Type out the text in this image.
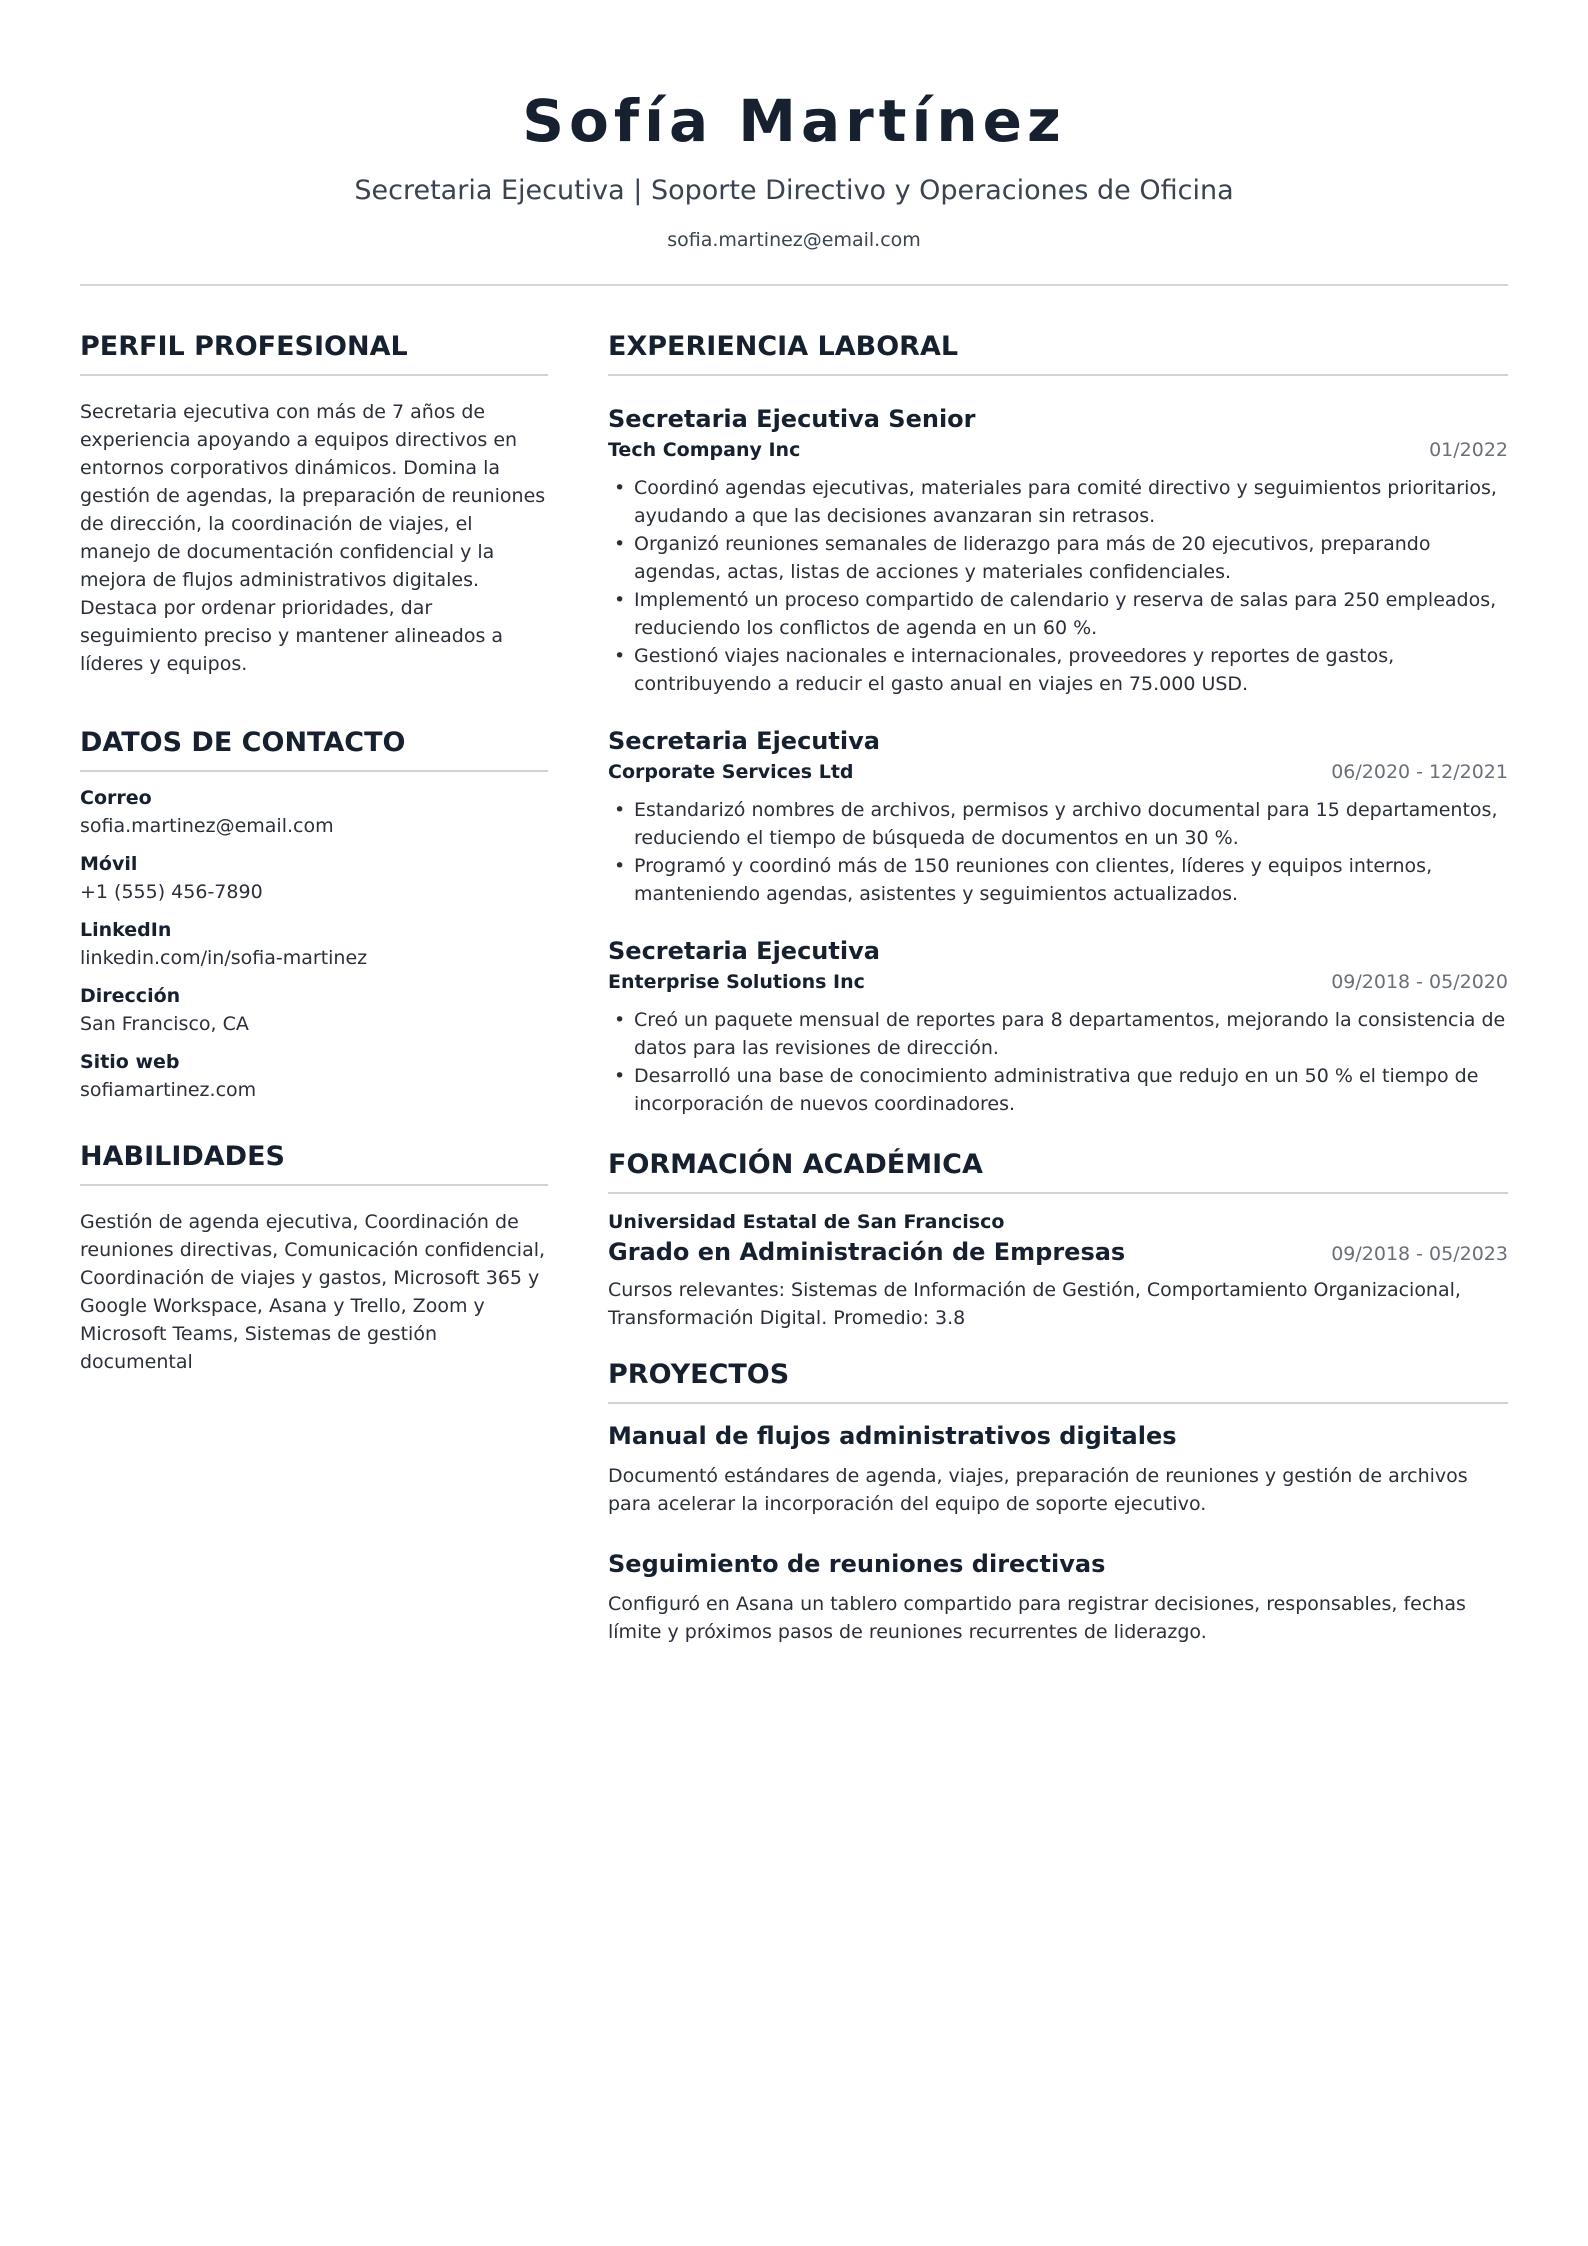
Sofía Martínez
Secretaria Ejecutiva | Soporte Directivo y Operaciones de Oficina
sofia.martinez@email.com
PERFIL PROFESIONAL
Secretaria ejecutiva con más de 7 años de experiencia apoyando a equipos directivos en entornos corporativos dinámicos. Domina la gestión de agendas, la preparación de reuniones de dirección, la coordinación de viajes, el manejo de documentación confidencial y la mejora de flujos administrativos digitales. Destaca por ordenar prioridades, dar seguimiento preciso y mantener alineados a líderes y equipos.
DATOS DE CONTACTO
Correo
sofia.martinez@email.com
Móvil
+1 (555) 456-7890
LinkedIn
linkedin.com/in/sofia-martinez
Dirección
San Francisco, CA
Sitio web
sofiamartinez.com
HABILIDADES
Gestión de agenda ejecutiva, Coordinación de reuniones directivas, Comunicación confidencial, Coordinación de viajes y gastos, Microsoft 365 y Google Workspace, Asana y Trello, Zoom y Microsoft Teams, Sistemas de gestión documental
EXPERIENCIA LABORAL
Secretaria Ejecutiva Senior
Tech Company Inc	01/2022
• Coordinó agendas ejecutivas, materiales para comité directivo y seguimientos prioritarios, ayudando a que las decisiones avanzaran sin retrasos.
• Organizó reuniones semanales de liderazgo para más de 20 ejecutivos, preparando agendas, actas, listas de acciones y materiales confidenciales.
• Implementó un proceso compartido de calendario y reserva de salas para 250 empleados, reduciendo los conflictos de agenda en un 60 %.
• Gestionó viajes nacionales e internacionales, proveedores y reportes de gastos, contribuyendo a reducir el gasto anual en viajes en 75.000 USD.
Secretaria Ejecutiva
Corporate Services Ltd	06/2020 - 12/2021
• Estandarizó nombres de archivos, permisos y archivo documental para 15 departamentos, reduciendo el tiempo de búsqueda de documentos en un 30 %.
• Programó y coordinó más de 150 reuniones con clientes, líderes y equipos internos, manteniendo agendas, asistentes y seguimientos actualizados.
Secretaria Ejecutiva
Enterprise Solutions Inc	09/2018 - 05/2020
• Creó un paquete mensual de reportes para 8 departamentos, mejorando la consistencia de datos para las revisiones de dirección.
• Desarrolló una base de conocimiento administrativa que redujo en un 50 % el tiempo de incorporación de nuevos coordinadores.
FORMACIÓN ACADÉMICA
Universidad Estatal de San Francisco
Grado en Administración de Empresas	09/2018 - 05/2023
Cursos relevantes: Sistemas de Información de Gestión, Comportamiento Organizacional, Transformación Digital. Promedio: 3.8
PROYECTOS
Manual de flujos administrativos digitales
Documentó estándares de agenda, viajes, preparación de reuniones y gestión de archivos para acelerar la incorporación del equipo de soporte ejecutivo.
Seguimiento de reuniones directivas
Configuró en Asana un tablero compartido para registrar decisiones, responsables, fechas límite y próximos pasos de reuniones recurrentes de liderazgo.
